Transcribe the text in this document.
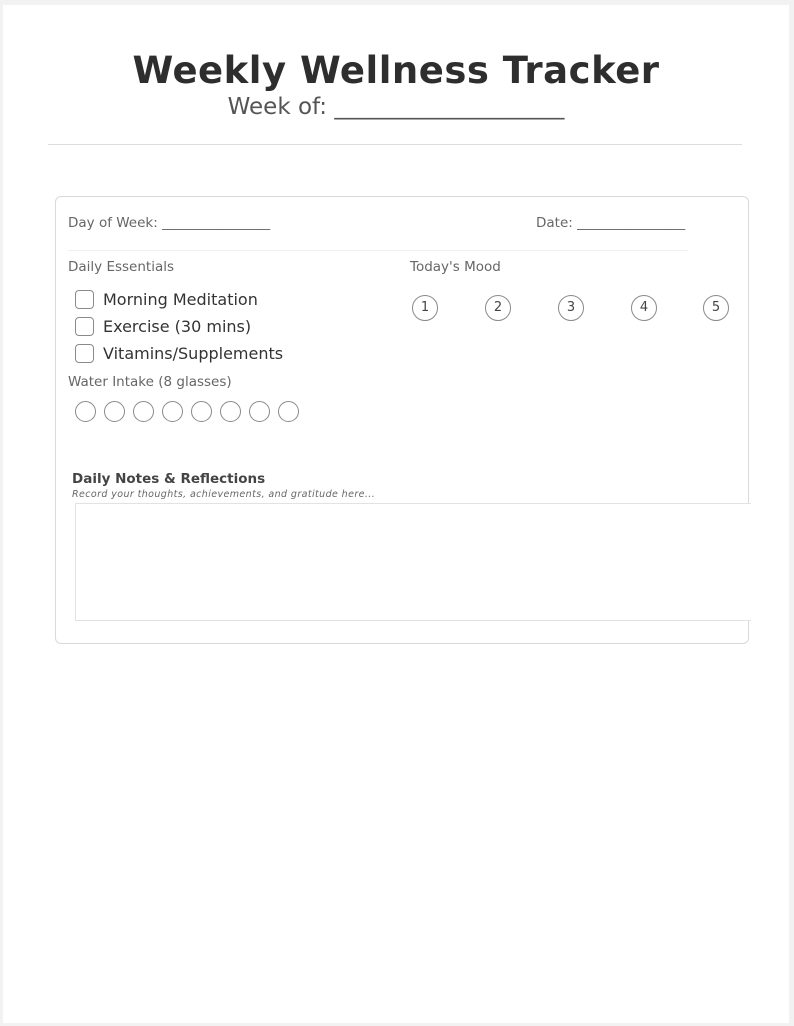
Weekly Wellness Tracker
Week of: ____________________
Day of Week: ________________	Date: ________________
Daily Essentials
Morning Meditation
Exercise (30 mins)
Vitamins/Supplements
Water Intake (8 glasses)
Today's Mood
1	2	3	4	5
Daily Notes & Reflections
Record your thoughts, achievements, and gratitude here...
